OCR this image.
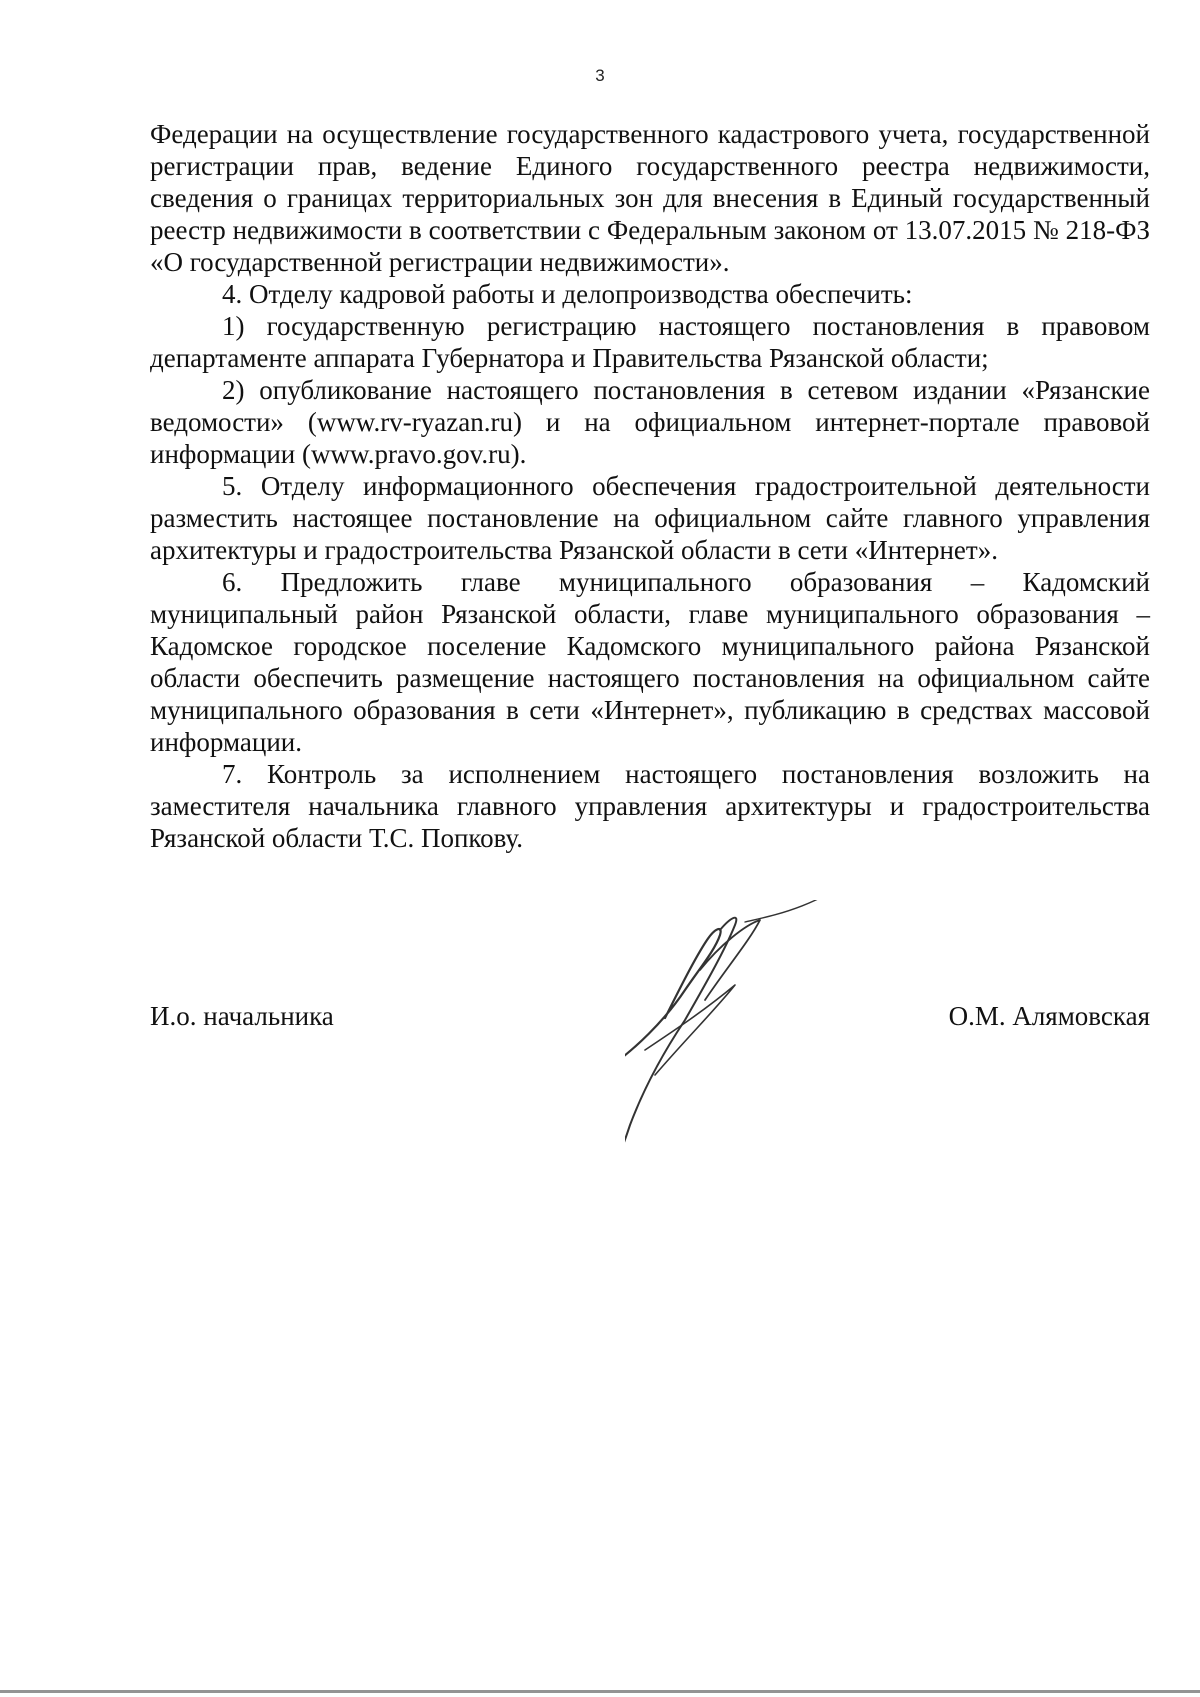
3

Федерации на осуществление государственного кадастрового учета, государственной регистрации прав, ведение Единого государственного реестра недвижимости, сведения о границах территориальных зон для внесения в Единый государственный реестр недвижимости в соответствии с Федеральным законом от 13.07.2015 № 218-ФЗ «О государственной регистрации недвижимости».

4. Отделу кадровой работы и делопроизводства обеспечить:

1) государственную регистрацию настоящего постановления в правовом департаменте аппарата Губернатора и Правительства Рязанской области;

2) опубликование настоящего постановления в сетевом издании «Рязанские ведомости» (www.rv-ryazan.ru) и на официальном интернет-портале правовой информации (www.pravo.gov.ru).

5. Отделу информационного обеспечения градостроительной деятельности разместить настоящее постановление на официальном сайте главного управления архитектуры и градостроительства Рязанской области в сети «Интернет».

6. Предложить главе муниципального образования – Кадомский муниципальный район Рязанской области, главе муниципального образования – Кадомское городское поселение Кадомского муниципального района Рязанской области обеспечить размещение настоящего постановления на официальном сайте муниципального образования в сети «Интернет», публикацию в средствах массовой информации.

7. Контроль за исполнением настоящего постановления возложить на заместителя начальника главного управления архитектуры и градостроительства Рязанской области Т.С. Попкову.

И.о. начальника	О.М. Алямовская
